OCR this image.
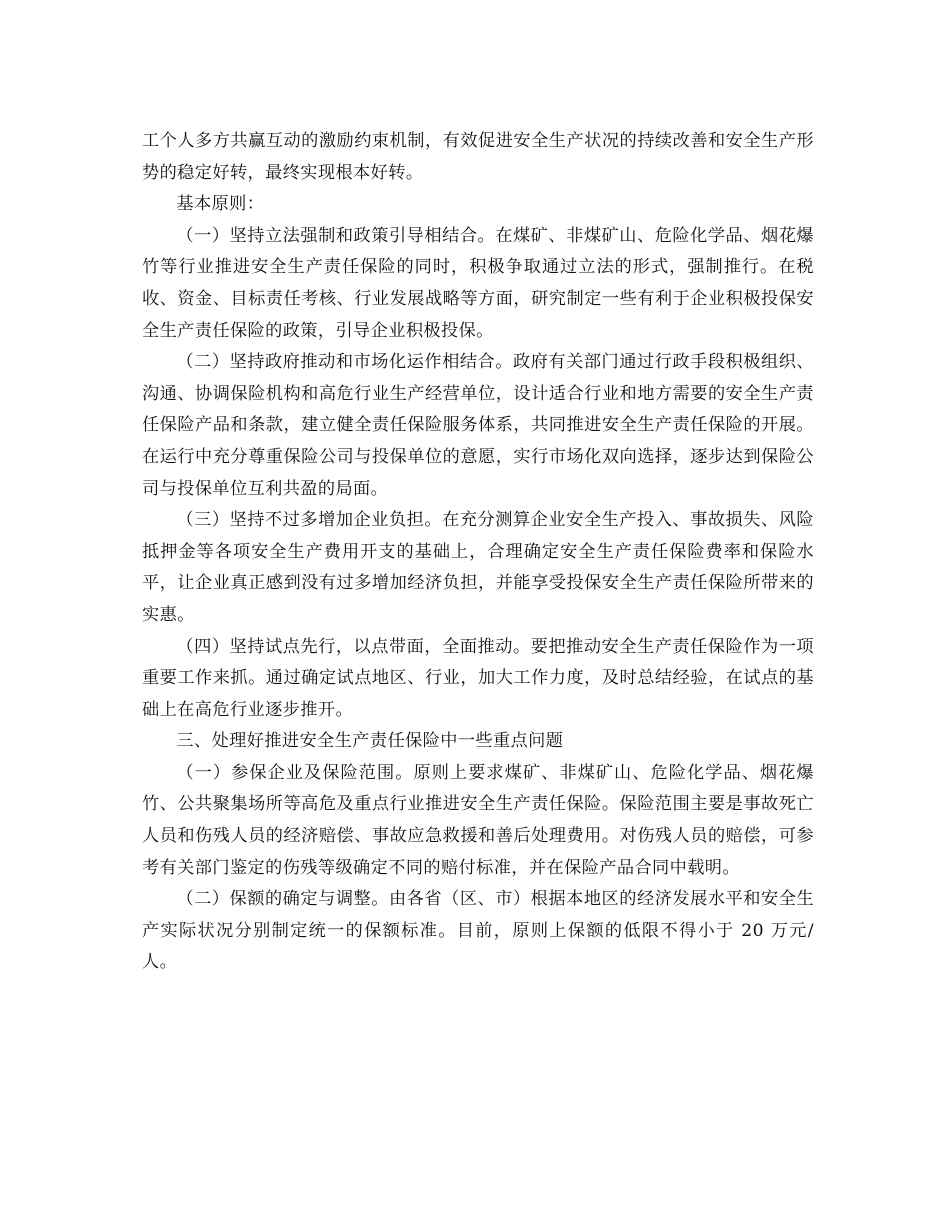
工个人多方共赢互动的激励约束机制，有效促进安全生产状况的持续改善和安全生产形势的稳定好转，最终实现根本好转。

基本原则：

（一）坚持立法强制和政策引导相结合。在煤矿、非煤矿山、危险化学品、烟花爆竹等行业推进安全生产责任保险的同时，积极争取通过立法的形式，强制推行。在税收、资金、目标责任考核、行业发展战略等方面，研究制定一些有利于企业积极投保安全生产责任保险的政策，引导企业积极投保。

（二）坚持政府推动和市场化运作相结合。政府有关部门通过行政手段积极组织、沟通、协调保险机构和高危行业生产经营单位，设计适合行业和地方需要的安全生产责任保险产品和条款，建立健全责任保险服务体系，共同推进安全生产责任保险的开展。在运行中充分尊重保险公司与投保单位的意愿，实行市场化双向选择，逐步达到保险公司与投保单位互利共盈的局面。

（三）坚持不过多增加企业负担。在充分测算企业安全生产投入、事故损失、风险抵押金等各项安全生产费用开支的基础上，合理确定安全生产责任保险费率和保险水平，让企业真正感到没有过多增加经济负担，并能享受投保安全生产责任保险所带来的实惠。

（四）坚持试点先行，以点带面，全面推动。要把推动安全生产责任保险作为一项重要工作来抓。通过确定试点地区、行业，加大工作力度，及时总结经验，在试点的基础上在高危行业逐步推开。

三、处理好推进安全生产责任保险中一些重点问题

（一）参保企业及保险范围。原则上要求煤矿、非煤矿山、危险化学品、烟花爆竹、公共聚集场所等高危及重点行业推进安全生产责任保险。保险范围主要是事故死亡人员和伤残人员的经济赔偿、事故应急救援和善后处理费用。对伤残人员的赔偿，可参考有关部门鉴定的伤残等级确定不同的赔付标准，并在保险产品合同中载明。

（二）保额的确定与调整。由各省（区、市）根据本地区的经济发展水平和安全生产实际状况分别制定统一的保额标准。目前，原则上保额的低限不得小于 20 万元/人。
